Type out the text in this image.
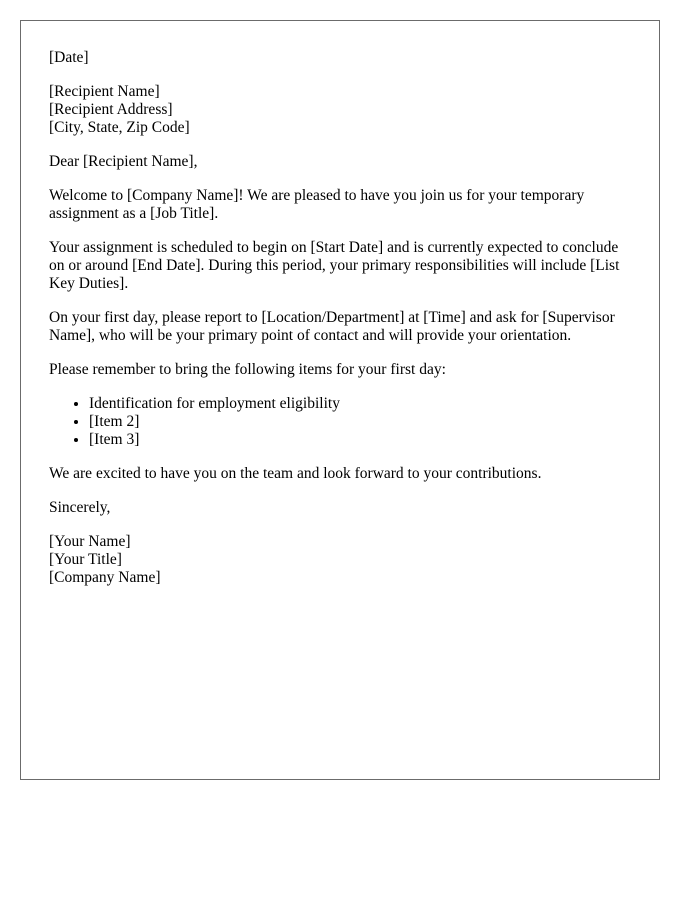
[Date]

[Recipient Name]
[Recipient Address]
[City, State, Zip Code]

Dear [Recipient Name],

Welcome to [Company Name]! We are pleased to have you join us for your temporary assignment as a [Job Title].

Your assignment is scheduled to begin on [Start Date] and is currently expected to conclude on or around [End Date]. During this period, your primary responsibilities will include [List Key Duties].

On your first day, please report to [Location/Department] at [Time] and ask for [Supervisor Name], who will be your primary point of contact and will provide your orientation.

Please remember to bring the following items for your first day:

• Identification for employment eligibility
• [Item 2]
• [Item 3]

We are excited to have you on the team and look forward to your contributions.

Sincerely,

[Your Name]
[Your Title]
[Company Name]
